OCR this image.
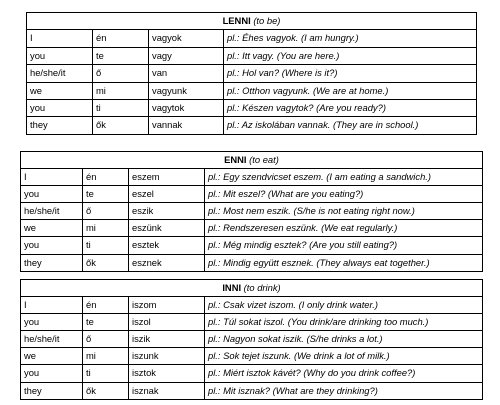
LENNI (to be)			
I	én	vagyok	pl.: Éhes vagyok. (I am hungry.)
you	te	vagy	pl.: Itt vagy. (You are here.)
he/she/it	ő	van	pl.: Hol van? (Where is it?)
we	mi	vagyunk	pl.: Otthon vagyunk. (We are at home.)
you	ti	vagytok	pl.: Készen vagytok? (Are you ready?)
they	ők	vannak	pl.: Az iskolában vannak. (They are in school.)
ENNI (to eat)			
I	én	eszem	pl.: Egy szendvicset eszem. (I am eating a sandwich.)
you	te	eszel	pl.: Mit eszel? (What are you eating?)
he/she/it	ő	eszik	pl.: Most nem eszik. (S/he is not eating right now.)
we	mi	eszünk	pl.: Rendszeresen eszünk. (We eat regularly.)
you	ti	esztek	pl.: Még mindig esztek? (Are you still eating?)
they	ők	esznek	pl.: Mindig együtt esznek. (They always eat together.)
INNI (to drink)			
I	én	iszom	pl.: Csak vizet iszom. (I only drink water.)
you	te	iszol	pl.: Túl sokat iszol. (You drink/are drinking too much.)
he/she/it	ő	iszik	pl.: Nagyon sokat iszik. (S/he drinks a lot.)
we	mi	iszunk	pl.: Sok tejet iszunk. (We drink a lot of milk.)
you	ti	isztok	pl.: Miért isztok kávét? (Why do you drink coffee?)
they	ők	isznak	pl.: Mit isznak? (What are they drinking?)
